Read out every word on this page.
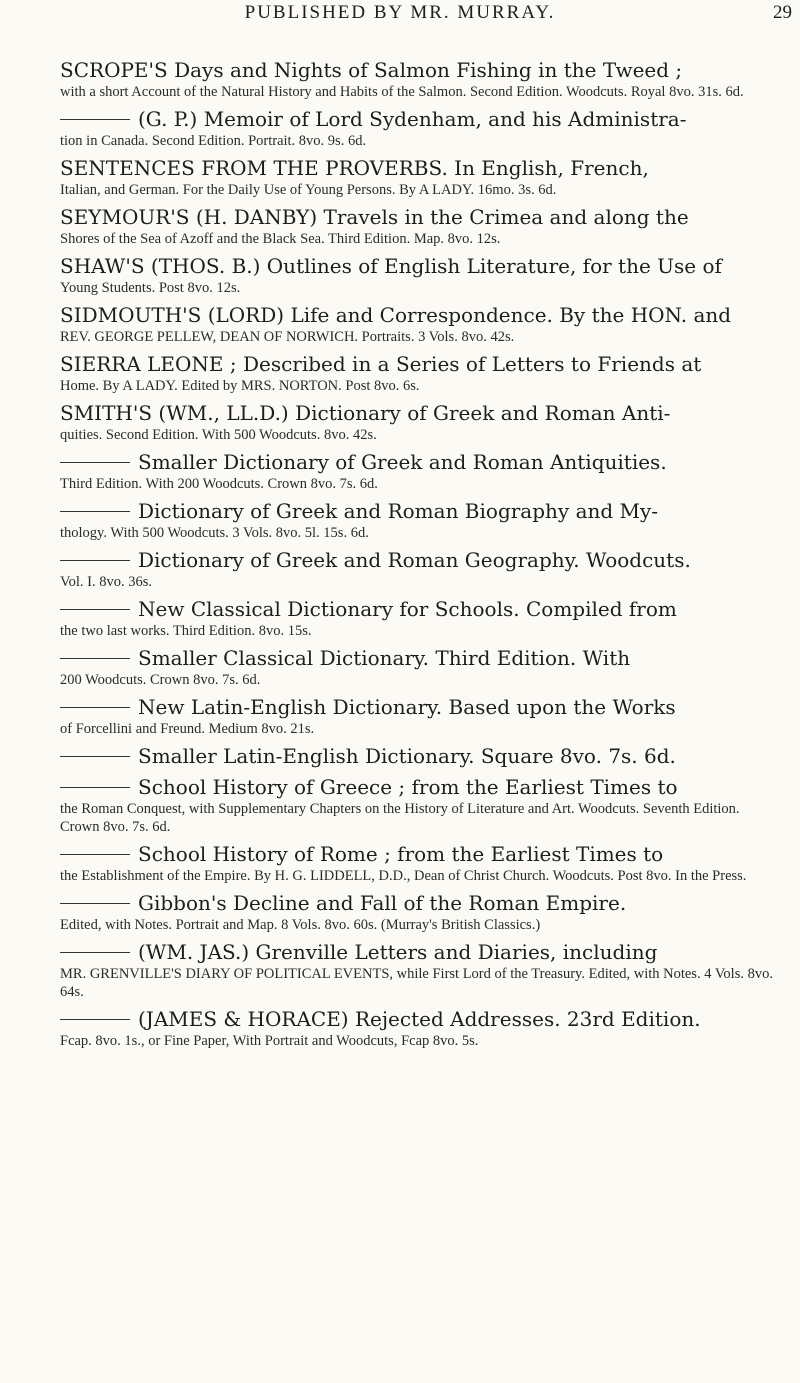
PUBLISHED BY MR. MURRAY.	29
SCROPE'S Days and Nights of Salmon Fishing in the Tweed ;
with a short Account of the Natural History and Habits of the Salmon. Second Edition. Woodcuts. Royal 8vo. 31s. 6d.
(G. P.) Memoir of Lord Sydenham, and his Administra-
tion in Canada. Second Edition. Portrait. 8vo. 9s. 6d.
SENTENCES FROM THE PROVERBS. In English, French,
Italian, and German. For the Daily Use of Young Persons. By A LADY. 16mo. 3s. 6d.
SEYMOUR'S (H. DANBY) Travels in the Crimea and along the
Shores of the Sea of Azoff and the Black Sea. Third Edition. Map. 8vo. 12s.
SHAW'S (THOS. B.) Outlines of English Literature, for the Use of
Young Students. Post 8vo. 12s.
SIDMOUTH'S (LORD) Life and Correspondence. By the HON. and
REV. GEORGE PELLEW, DEAN OF NORWICH. Portraits. 3 Vols. 8vo. 42s.
SIERRA LEONE ; Described in a Series of Letters to Friends at
Home. By A LADY. Edited by MRS. NORTON. Post 8vo. 6s.
SMITH'S (WM., LL.D.) Dictionary of Greek and Roman Anti-
quities. Second Edition. With 500 Woodcuts. 8vo. 42s.
Smaller Dictionary of Greek and Roman Antiquities.
Third Edition. With 200 Woodcuts. Crown 8vo. 7s. 6d.
Dictionary of Greek and Roman Biography and My-
thology. With 500 Woodcuts. 3 Vols. 8vo. 5l. 15s. 6d.
Dictionary of Greek and Roman Geography. Woodcuts.
Vol. I. 8vo. 36s.
New Classical Dictionary for Schools. Compiled from
the two last works. Third Edition. 8vo. 15s.
Smaller Classical Dictionary. Third Edition. With
200 Woodcuts. Crown 8vo. 7s. 6d.
New Latin-English Dictionary. Based upon the Works
of Forcellini and Freund. Medium 8vo. 21s.
Smaller Latin-English Dictionary. Square 8vo. 7s. 6d.
School History of Greece ; from the Earliest Times to
the Roman Conquest, with Supplementary Chapters on the History of Literature and Art. Woodcuts. Seventh Edition. Crown 8vo. 7s. 6d.
School History of Rome ; from the Earliest Times to
the Establishment of the Empire. By H. G. LIDDELL, D.D., Dean of Christ Church. Woodcuts. Post 8vo. In the Press.
Gibbon's Decline and Fall of the Roman Empire.
Edited, with Notes. Portrait and Map. 8 Vols. 8vo. 60s. (Murray's British Classics.)
(WM. JAS.) Grenville Letters and Diaries, including
MR. GRENVILLE'S DIARY OF POLITICAL EVENTS, while First Lord of the Treasury. Edited, with Notes. 4 Vols. 8vo. 64s.
(JAMES & HORACE) Rejected Addresses. 23rd Edition.
Fcap. 8vo. 1s., or Fine Paper, With Portrait and Woodcuts, Fcap 8vo. 5s.
